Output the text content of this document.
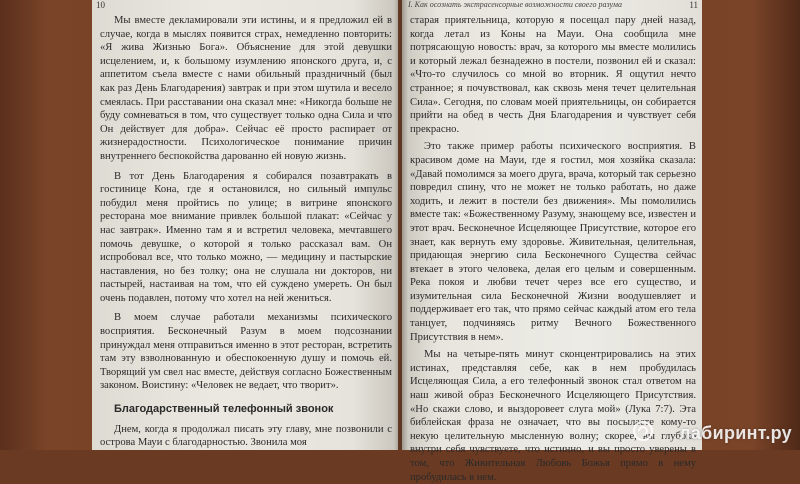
10

Мы вместе декламировали эти истины, и я предложил ей в случае, когда в мыслях появится страх, немедленно повторить: «Я жива Жизнью Бога». Объяснение для этой девушки исцелением, и, к большому изумлению японского друга, и, с аппетитом съела вместе с нами обильный праздничный (был как раз День Благодарения) завтрак и при этом шутила и весело смеялась. При расставании она сказал мне: «Никогда больше не буду сомневаться в том, что существует только одна Сила и что Он действует для добра». Сейчас её просто распирает от жизнерадостности. Психологическое понимание причин внутреннего беспокойства дарованно ей новую жизнь.

В тот День Благодарения я собирался позавтракать в гостинице Кона, где я остановился, но сильный импульс побудил меня пройтись по улице; в витрине японского ресторана мое внимание привлек большой плакат: «Сейчас у нас завтрак». Именно там я и встретил человека, мечтавшего помочь девушке, о которой я только рассказал вам. Он испробовал все, что только можно, — медицину и пастырские наставления, но без толку; она не слушала ни докторов, ни пастырей, настаивая на том, что ей суждено умереть. Он был очень подавлен, потому что хотел на ней жениться.

В моем случае работали механизмы психического восприятия. Бесконечный Разум в моем подсознании принуждал меня отправиться именно в этот ресторан, встретить там эту взволнованную и обеспокоенную душу и помочь ей. Творящий ум свел нас вместе, действуя согласно Божественным законом. Воистину: «Человек не ведает, что творит».

Благодарственный телефонный звонок

Днем, когда я продолжал писать эту главу, мне позвонили с острова Мауи с благодарностью. Звонила моя

I. Как осознать экстрасенсорные возможности своего разума	11

старая приятельница, которую я посещал пару дней назад, когда летал из Коны на Мауи. Она сообщила мне потрясающую новость: врач, за которого мы вместе молились и который лежал безнадежно в постели, позвонил ей и сказал: «Что-то случилось со мной во вторник. Я ощутил нечто странное; я почувствовал, как сквозь меня течет целительная Сила». Сегодня, по словам моей приятельницы, он собирается прийти на обед в честь Дня Благодарения и чувствует себя прекрасно.

Это также пример работы психического восприятия. В красивом доме на Мауи, где я гостил, моя хозяйка сказала: «Давай помолимся за моего друга, врача, который так серьезно повредил спину, что не может не только работать, но даже ходить, и лежит в постели без движения». Мы помолились вместе так: «Божественному Разуму, знающему все, известен и этот врач. Бесконечное Исцеляющее Присутствие, которое его знает, как вернуть ему здоровье. Живительная, целительная, придающая энергию сила Бесконечного Существа сейчас втекает в этого человека, делая его целым и совершенным. Река покоя и любви течет через все его существо, и изумительная сила Бесконечной Жизни воодушевляет и поддерживает его так, что прямо сейчас каждый атом его тела танцует, подчиняясь ритму Вечного Божественного Присутствия в нем».

Мы на четыре-пять минут сконцентрировались на этих истинах, представляя себе, как в нем пробудилась Исцеляющая Сила, а его телефонный звонок стал ответом на наш живой образ Бесконечного Исцеляющего Присутствия. «Но скажи слово, и выздоровеет слуга мой» (Лука 7:7). Эта библейская фраза не означает, что вы посылаете кому-то некую целительную мысленную волну; скорее, вы глубоко внутри себя чувствуете, что истинно, и вы просто уверены в том, что Живительная Любовь Божья прямо в нему пробудилась в нем.

лабиринт.ру
